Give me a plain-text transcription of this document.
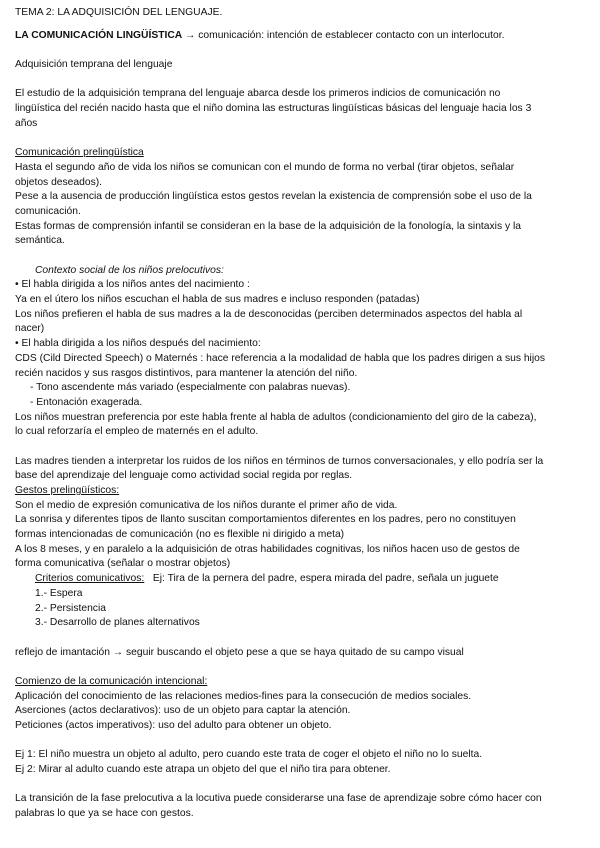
TEMA 2: LA ADQUISICIÓN DEL LENGUAJE.
LA COMUNICACIÓN LINGÜÍSTICA → comunicación: intención de establecer contacto con un interlocutor.
Adquisición temprana del lenguaje
El estudio de la adquisición temprana del lenguaje abarca desde los primeros indicios de comunicación no
lingüística del recién nacido hasta que el niño domina las estructuras lingüísticas básicas del lenguaje hacia los 3
años
Comunicación prelingüística
Hasta el segundo año de vida los niños se comunican con el mundo de forma no verbal (tirar objetos, señalar
objetos deseados).
Pese a la ausencia de producción lingüística estos gestos revelan la existencia de comprensión sobe el uso de la
comunicación.
Estas formas de comprensión infantil se consideran en la base de la adquisición de la fonología, la sintaxis y la
semántica.
Contexto social de los niños prelocutivos:
• El habla dirigida a los niños antes del nacimiento :
Ya en el útero los niños escuchan el habla de sus madres e incluso responden (patadas)
Los niños prefieren el habla de sus madres a la de desconocidas (perciben determinados aspectos del habla al
nacer)
• El habla dirigida a los niños después del nacimiento:
CDS (Cild Directed Speech) o Maternés : hace referencia a la modalidad de habla que los padres dirigen a sus hijos
recién nacidos y sus rasgos distintivos, para mantener la atención del niño.
- Tono ascendente más variado (especialmente con palabras nuevas).
- Entonación exagerada.
Los niños muestran preferencia por este habla frente al habla de adultos (condicionamiento del giro de la cabeza),
lo cual reforzaría el empleo de maternés en el adulto.
Las madres tienden a interpretar los ruidos de los niños en términos de turnos conversacionales, y ello podría ser la
base del aprendizaje del lenguaje como actividad social regida por reglas.
Gestos prelingüísticos:
Son el medio de expresión comunicativa de los niños durante el primer año de vida.
La sonrisa y diferentes tipos de llanto suscitan comportamientos diferentes en los padres, pero no constituyen
formas intencionadas de comunicación (no es flexible ni dirigido a meta)
A los 8 meses, y en paralelo a la adquisición de otras habilidades cognitivas, los niños hacen uso de gestos de
forma comunicativa (señalar o mostrar objetos)
Criterios comunicativos:   Ej: Tira de la pernera del padre, espera mirada del padre, señala un juguete
1.- Espera
2.- Persistencia
3.- Desarrollo de planes alternativos
reflejo de imantación → seguir buscando el objeto pese a que se haya quitado de su campo visual
Comienzo de la comunicación intencional:
Aplicación del conocimiento de las relaciones medios-fines para la consecución de medios sociales.
Aserciones (actos declarativos): uso de un objeto para captar la atención.
Peticiones (actos imperativos): uso del adulto para obtener un objeto.
Ej 1: El niño muestra un objeto al adulto, pero cuando este trata de coger el objeto el niño no lo suelta.
Ej 2: Mirar al adulto cuando este atrapa un objeto del que el niño tira para obtener.
La transición de la fase prelocutiva a la locutiva puede considerarse una fase de aprendizaje sobre cómo hacer con
palabras lo que ya se hace con gestos.
